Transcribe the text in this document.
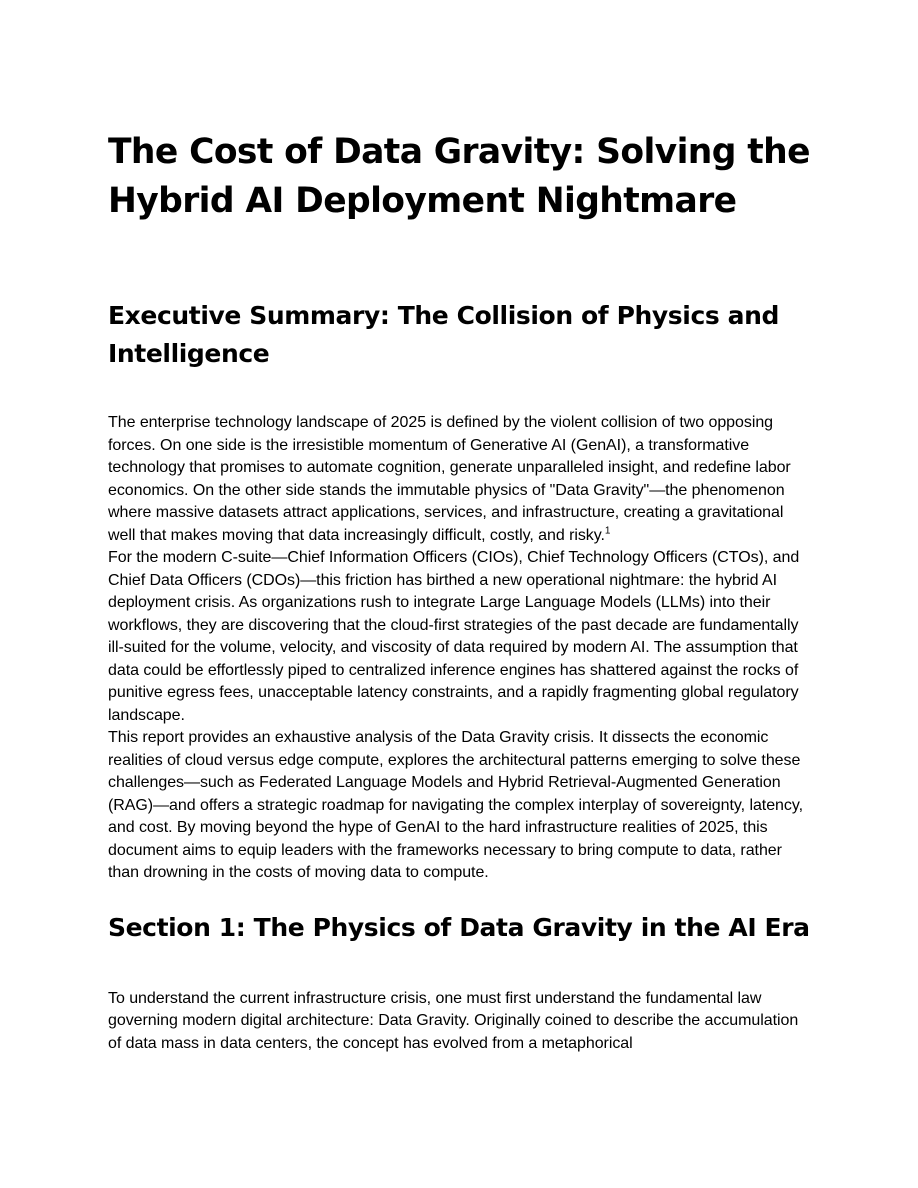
The Cost of Data Gravity: Solving the Hybrid AI Deployment Nightmare
Executive Summary: The Collision of Physics and Intelligence

The enterprise technology landscape of 2025 is defined by the violent collision of two opposing forces. On one side is the irresistible momentum of Generative AI (GenAI), a transformative technology that promises to automate cognition, generate unparalleled insight, and redefine labor economics. On the other side stands the immutable physics of "Data Gravity"—the phenomenon where massive datasets attract applications, services, and infrastructure, creating a gravitational well that makes moving that data increasingly difficult, costly, and risky.$^1$

For the modern C-suite—Chief Information Officers (CIOs), Chief Technology Officers (CTOs), and Chief Data Officers (CDOs)—this friction has birthed a new operational nightmare: the hybrid AI deployment crisis. As organizations rush to integrate Large Language Models (LLMs) into their workflows, they are discovering that the cloud-first strategies of the past decade are fundamentally ill-suited for the volume, velocity, and viscosity of data required by modern AI. The assumption that data could be effortlessly piped to centralized inference engines has shattered against the rocks of punitive egress fees, unacceptable latency constraints, and a rapidly fragmenting global regulatory landscape.

This report provides an exhaustive analysis of the Data Gravity crisis. It dissects the economic realities of cloud versus edge compute, explores the architectural patterns emerging to solve these challenges—such as Federated Language Models and Hybrid Retrieval-Augmented Generation (RAG)—and offers a strategic roadmap for navigating the complex interplay of sovereignty, latency, and cost. By moving beyond the hype of GenAI to the hard infrastructure realities of 2025, this document aims to equip leaders with the frameworks necessary to bring compute to data, rather than drowning in the costs of moving data to compute.

Section 1: The Physics of Data Gravity in the AI Era

To understand the current infrastructure crisis, one must first understand the fundamental law governing modern digital architecture: Data Gravity. Originally coined to describe the accumulation of data mass in data centers, the concept has evolved from a metaphorical
